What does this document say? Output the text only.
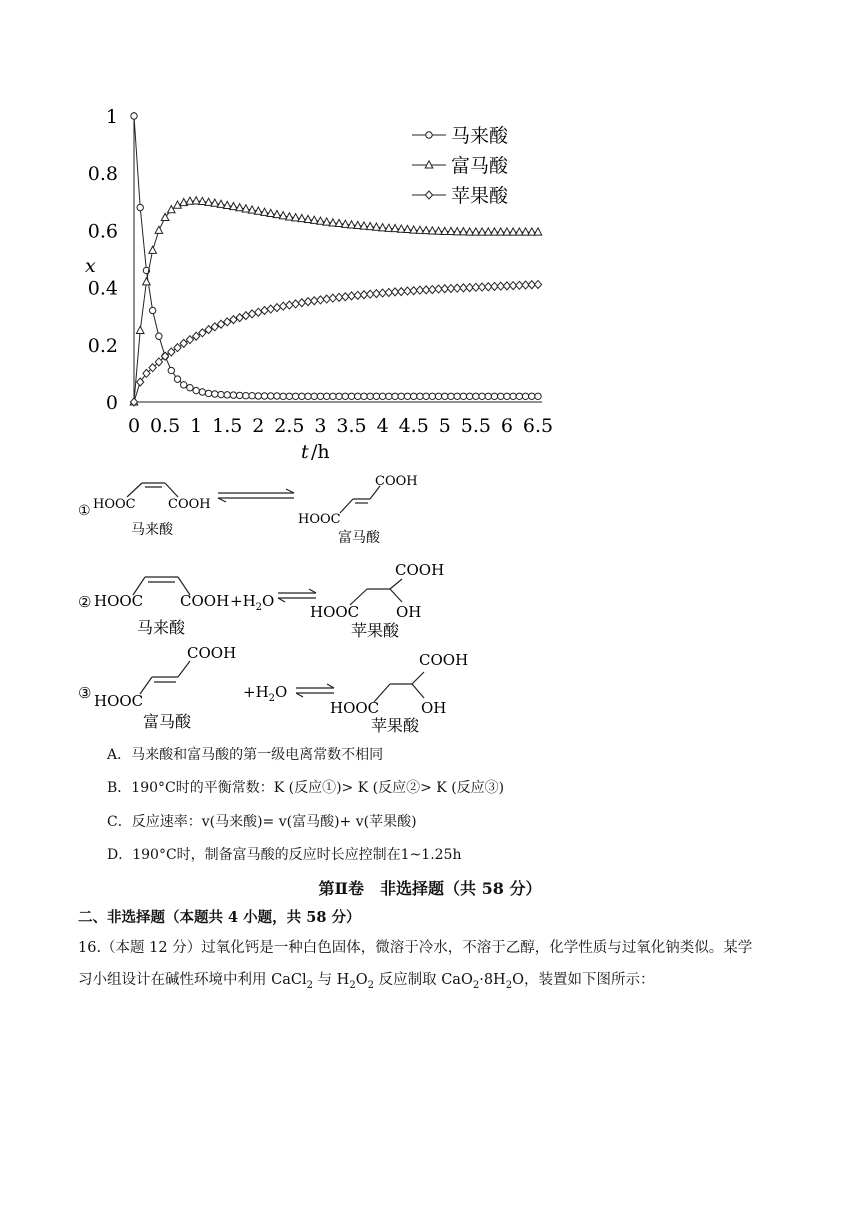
0 0.5 1 1.5 2 2.5 3 3.5 4 4.5 5 5.5 6 6.5
0
0.2
0.4
0.6
0.8
1
x
t /h
马来酸
富马酸
苹果酸
① HOOC COOH
COOH
HOOC
马来酸	富马酸
② HOOC COOH $+H_2O$
COOH
HOOC OH
马来酸	苹果酸
③
COOH
HOOC	$+H_2O$
COOH
HOOC	OH
富马酸	苹果酸
A．马来酸和富马酸的第一级电离常数不相同
B．190°C时的平衡常数：K (反应①)> K (反应②> K (反应③)
C．反应速率：v(马来酸)= v(富马酸)+ v(苹果酸)
D．190°C时，制备富马酸的反应时长应控制在1~1.25h
第Ⅱ卷　非选择题（共 58 分）
二、非选择题（本题共 4 小题，共 58 分）
16.（本题 12 分）过氧化钙是一种白色固体，微溶于冷水，不溶于乙醇，化学性质与过氧化钠类似。某学
习小组设计在碱性环境中利用 CaCl$_2$ 与 $H_2O_2$ 反应制取 $CaO_2\cdot 8H_2O$，装置如下图所示：
